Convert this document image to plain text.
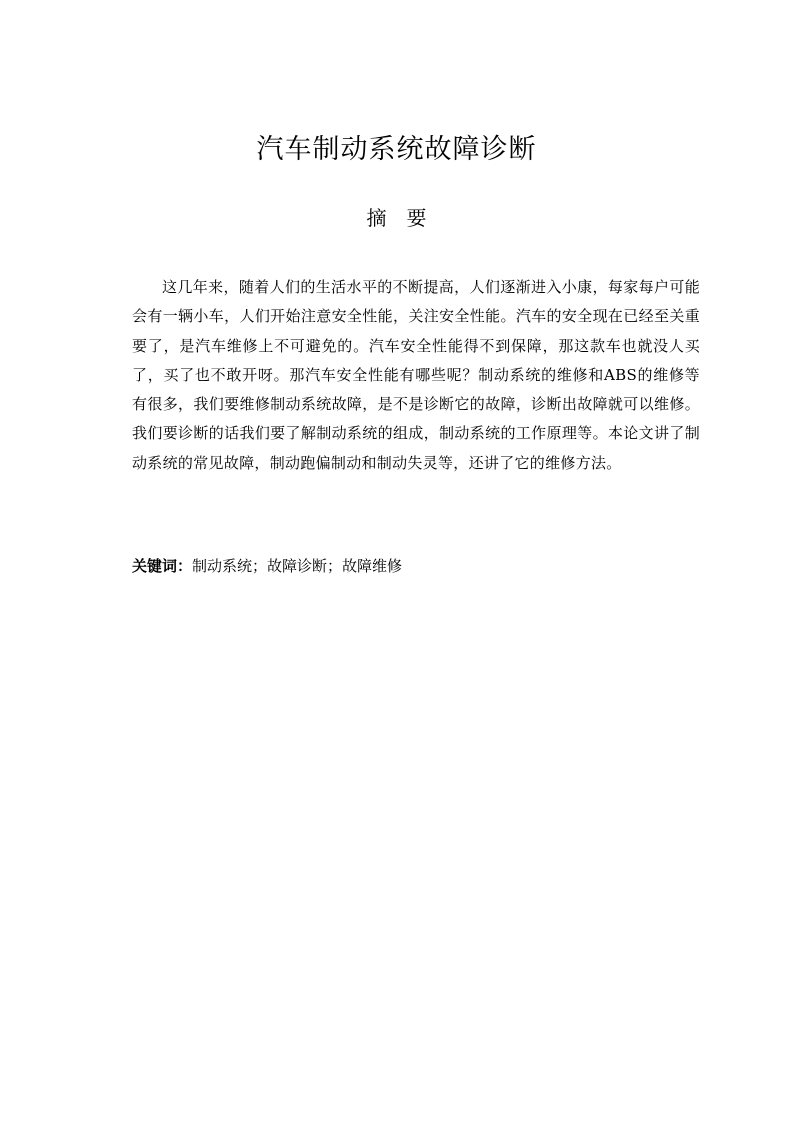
汽车制动系统故障诊断
摘　要

这几年来，随着人们的生活水平的不断提高，人们逐渐进入小康，每家每户可能会有一辆小车，人们开始注意安全性能，关注安全性能。汽车的安全现在已经至关重要了，是汽车维修上不可避免的。汽车安全性能得不到保障，那这款车也就没人买了，买了也不敢开呀。那汽车安全性能有哪些呢？制动系统的维修和ABS的维修等有很多，我们要维修制动系统故障，是不是诊断它的故障，诊断出故障就可以维修。我们要诊断的话我们要了解制动系统的组成，制动系统的工作原理等。本论文讲了制动系统的常见故障，制动跑偏制动和制动失灵等，还讲了它的维修方法。

关键词：制动系统；故障诊断；故障维修
